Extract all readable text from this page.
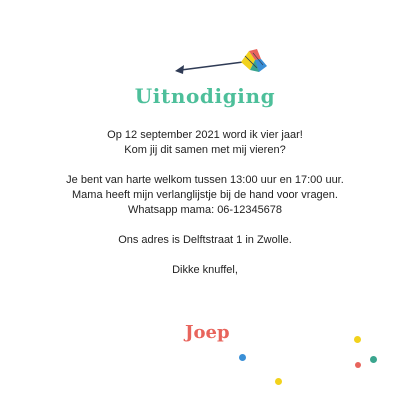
Uitnodiging

Op 12 september 2021 word ik vier jaar!

Kom jij dit samen met mij vieren?

Je bent van harte welkom tussen 13:00 uur en 17:00 uur.

Mama heeft mijn verlanglijstje bij de hand voor vragen.

Whatsapp mama: 06-12345678

Ons adres is Delftstraat 1 in Zwolle.

Dikke knuffel,

Joep
